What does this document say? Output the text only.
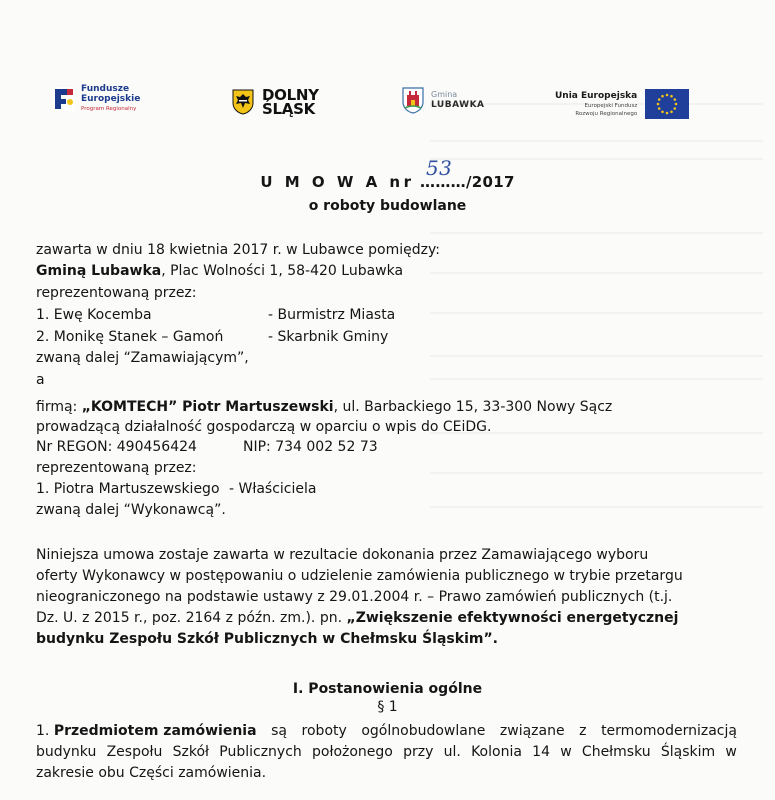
Fundusze
Europejskie
Program Regionalny
DOLNY
ŚLĄSK
Gmina
LUBAWKA
Unia Europejska
Europejski Fundusz
Rozwoju Regionalnego
U M O W A nr ………
53
/2017
o roboty budowlane
zawarta w dniu 18 kwietnia 2017 r. w Lubawce pomiędzy:
Gminą Lubawka, Plac Wolności 1, 58-420 Lubawka
reprezentowaną przez:
1. Ewę Kocemba	- Burmistrz Miasta
2. Monikę Stanek – Gamoń	- Skarbnik Gminy
zwaną dalej “Zamawiającym”,
a
firmą: „KOMTECH” Piotr Martuszewski, ul. Barbackiego 15, 33-300 Nowy Sącz
prowadzącą działalność gospodarczą w oparciu o wpis do CEiDG.
Nr REGON: 490456424	NIP: 734 002 52 73
reprezentowaną przez:
1. Piotra Martuszewskiego - Właściciela
zwaną dalej “Wykonawcą”.
Niniejsza umowa zostaje zawarta w rezultacie dokonania przez Zamawiającego wyboru
oferty Wykonawcy w postępowaniu o udzielenie zamówienia publicznego w trybie przetargu
nieograniczonego na podstawie ustawy z 29.01.2004 r. – Prawo zamówień publicznych (t.j.
Dz. U. z 2015 r., poz. 2164 z późn. zm.). pn. „Zwiększenie efektywności energetycznej
budynku Zespołu Szkół Publicznych w Chełmsku Śląskim”.
I. Postanowienia ogólne
§ 1
1. Przedmiotem zamówienia są roboty ogólnobudowlane związane z termomodernizacją
budynku Zespołu Szkół Publicznych położonego przy ul. Kolonia 14 w Chełmsku Śląskim w
zakresie obu Części zamówienia.
